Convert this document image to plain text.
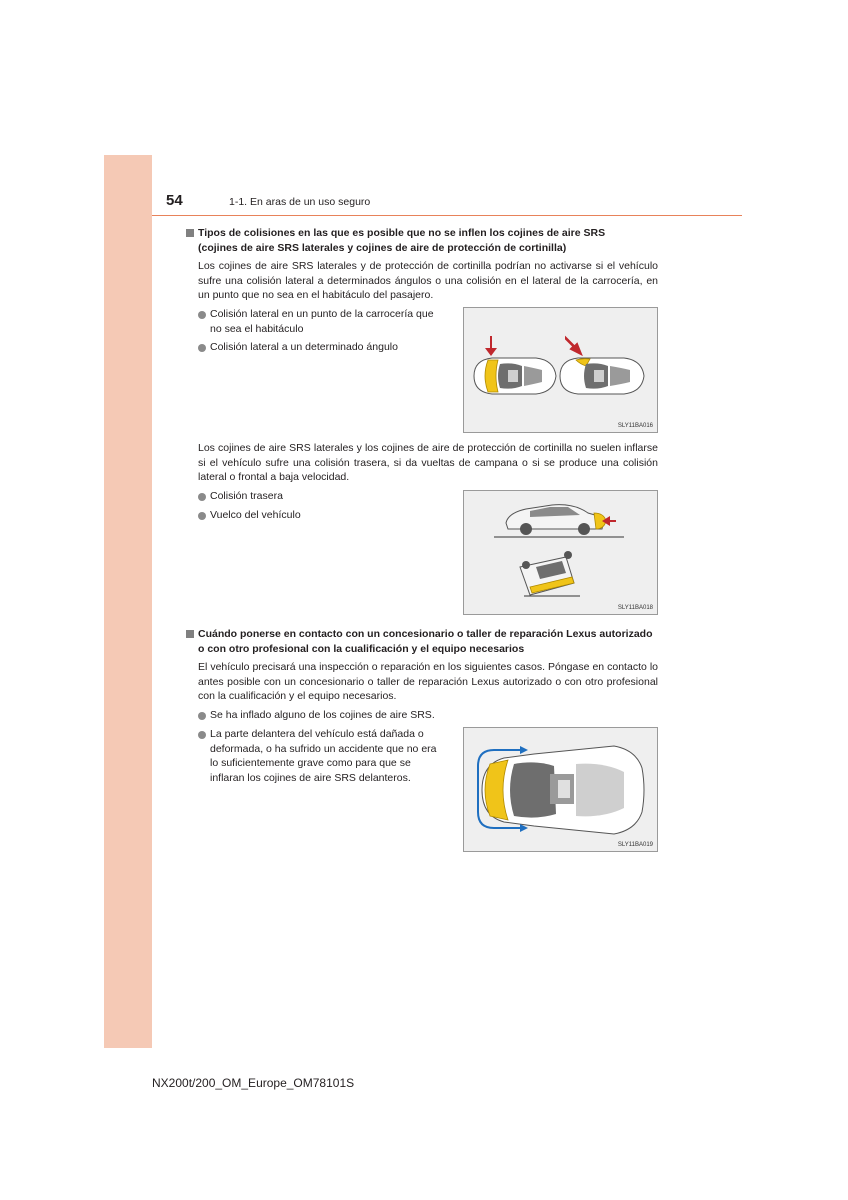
54	1-1. En aras de un uso seguro
Tipos de colisiones en las que es posible que no se inflen los cojines de aire SRS
(cojines de aire SRS laterales y cojines de aire de protección de cortinilla)
Los cojines de aire SRS laterales y de protección de cortinilla podrían no activarse si el vehículo sufre una colisión lateral a determinados ángulos o una colisión en el lateral de la carrocería, en un punto que no sea en el habitáculo del pasajero.
Colisión lateral en un punto de la carrocería que
no sea el habitáculo
Colisión lateral a un determinado ángulo
SLY11BA016
Los cojines de aire SRS laterales y los cojines de aire de protección de cortinilla no suelen inflarse si el vehículo sufre una colisión trasera, si da vueltas de campana o si se produce una colisión lateral o frontal a baja velocidad.
Colisión trasera
Vuelco del vehículo
SLY11BA018
Cuándo ponerse en contacto con un concesionario o taller de reparación Lexus autorizado
o con otro profesional con la cualificación y el equipo necesarios
El vehículo precisará una inspección o reparación en los siguientes casos. Póngase en contacto lo antes posible con un concesionario o taller de reparación Lexus autorizado o con otro profesional con la cualificación y el equipo necesarios.
Se ha inflado alguno de los cojines de aire SRS.
La parte delantera del vehículo está dañada o
deformada, o ha sufrido un accidente que no era
lo suficientemente grave como para que se
inflaran los cojines de aire SRS delanteros.
SLY11BA019
NX200t/200_OM_Europe_OM78101S
